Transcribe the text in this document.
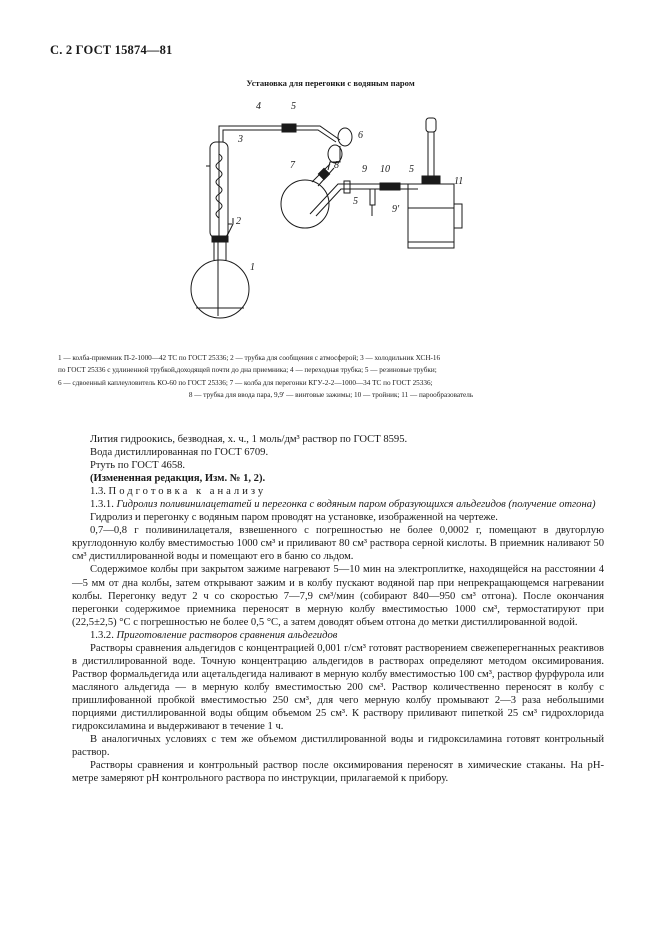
С. 2 ГОСТ 15874—81
Установка для перегонки с водяным паром
1
2
3
4	5
6
7	8 9 10 5
11
5
9'
1 — колба-приемник П-2-1000—42 ТС по ГОСТ 25336; 2 — трубка для сообщения с атмосферой; 3 — холодильник ХСН-16
по ГОСТ 25336 с удлиненной трубкой,доходящей почти до дна приемника; 4 — переходная трубка; 5 — резиновые трубки;
6 — сдвоенный каплеуловитель КО-60 по ГОСТ 25336; 7 — колба для перегонки КГУ-2-2—1000—34 ТС по ГОСТ 25336;
8 — трубка для ввода пара, 9,9' — винтовые зажимы; 10 — тройник; 11 — парообразователь

Лития гидроокись, безводная, х. ч., 1 моль/дм³ раствор по ГОСТ 8595.

Вода дистиллированная по ГОСТ 6709.

Ртуть по ГОСТ 4658.

(Измененная редакция, Изм. № 1, 2).

1.3. Подготовка к анализу

1.3.1. Гидролиз поливинилацетатей и перегонка с водяным паром образующихся альдегидов (получение отгона)

Гидролиз и перегонку с водяным паром проводят на установке, изображенной на чертеже.

0,7—0,8 г поливинилацеталя, взвешенного с погрешностью не более 0,0002 г, помещают в двугорлую круглодонную колбу вместимостью 1000 см³ и приливают 80 см³ раствора серной кислоты. В приемник наливают 50 см³ дистиллированной воды и помещают его в баню со льдом.

Содержимое колбы при закрытом зажиме нагревают 5—10 мин на электроплитке, находящейся на расстоянии 4—5 мм от дна колбы, затем открывают зажим и в колбу пускают водяной пар при непрекращающемся нагревании колбы. Перегонку ведут 2 ч со скоростью 7—7,9 см³/мин (собирают 840—950 см³ отгона). После окончания перегонки содержимое приемника переносят в мерную колбу вместимостью 1000 см³, термостатируют при (22,5±2,5) °С с погрешностью не более 0,5 °С, а затем доводят объем отгона до метки дистиллированной водой.

1.3.2. Приготовление растворов сравнения альдегидов

Растворы сравнения альдегидов с концентрацией 0,001 г/см³ готовят растворением свежеперегнанных реактивов в дистиллированной воде. Точную концентрацию альдегидов в растворах определяют методом оксимирования. Раствор формальдегида или ацетальдегида наливают в мерную колбу вместимостью 100 см³, раствор фурфурола или масляного альдегида — в мерную колбу вместимостью 200 см³. Раствор количественно переносят в колбу с пришлифованной пробкой вместимостью 250 см³, для чего мерную колбу промывают 2—3 раза небольшими порциями дистиллированной воды общим объемом 25 см³. К раствору приливают пипеткой 25 см³ гидрохлорида гидроксиламина и выдерживают в течение 1 ч.

В аналогичных условиях с тем же объемом дистиллированной воды и гидроксиламина готовят контрольный раствор.

Растворы сравнения и контрольный раствор после оксимирования переносят в химические стаканы. На рН-метре замеряют рН контрольного раствора по инструкции, прилагаемой к прибору.
